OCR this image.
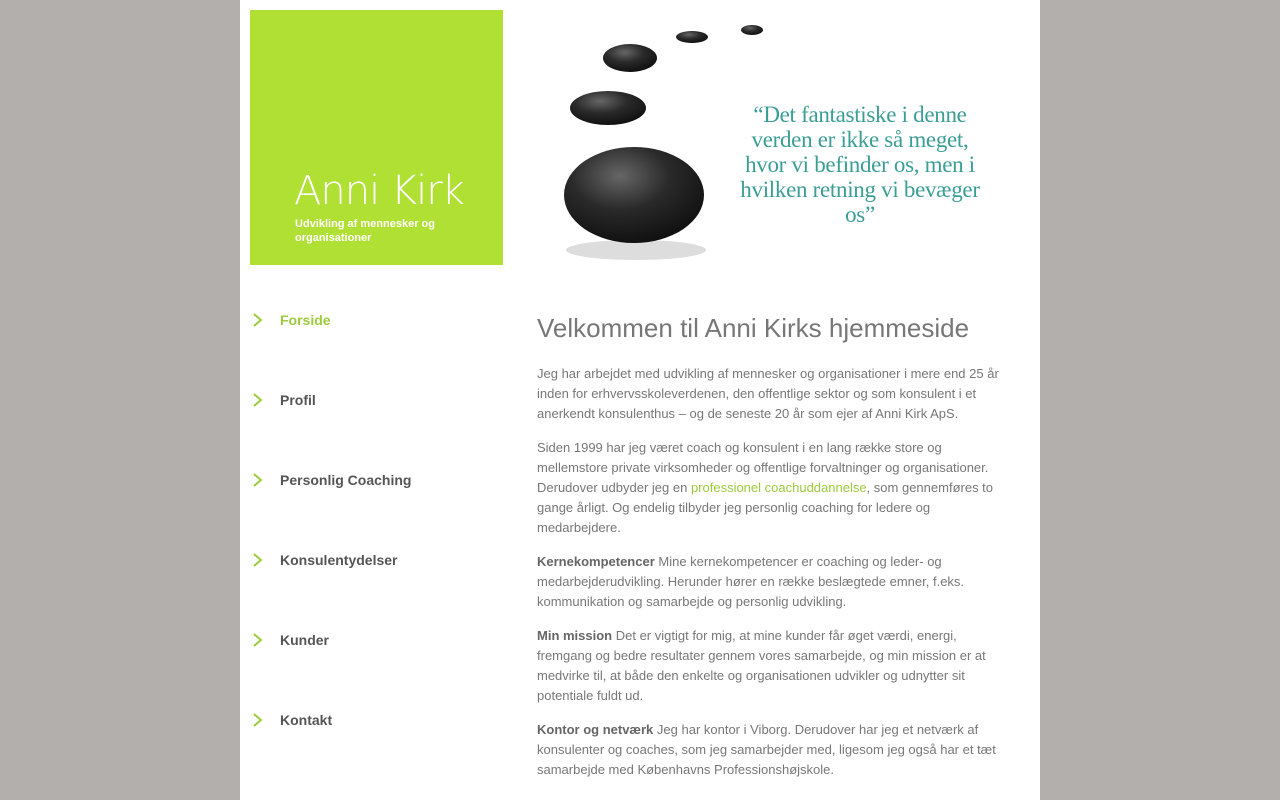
Anni Kirk
Udvikling af mennesker og organisationer
“Det fantastiske i denne verden er ikke så meget, hvor vi befinder os, men i hvilken retning vi bevæger os”
Forside
Profil
Personlig Coaching
Konsulentydelser
Kunder
Kontakt
Velkommen til Anni Kirks hjemmeside

Jeg har arbejdet med udvikling af mennesker og organisationer i mere end 25 år inden for erhvervsskoleverdenen, den offentlige sektor og som konsulent i et anerkendt konsulenthus – og de seneste 20 år som ejer af Anni Kirk ApS.

Siden 1999 har jeg været coach og konsulent i en lang række store og mellemstore private virksomheder og offentlige forvaltninger og organisationer. Derudover udbyder jeg en professionel coachuddannelse, som gennemføres to gange årligt. Og endelig tilbyder jeg personlig coaching for ledere og medarbejdere.

Kernekompetencer Mine kernekompetencer er coaching og leder- og medarbejderudvikling. Herunder hører en række beslægtede emner, f.eks. kommunikation og samarbejde og personlig udvikling.

Min mission Det er vigtigt for mig, at mine kunder får øget værdi, energi, fremgang og bedre resultater gennem vores samarbejde, og min mission er at medvirke til, at både den enkelte og organisationen udvikler og udnytter sit potentiale fuldt ud.

Kontor og netværk Jeg har kontor i Viborg. Derudover har jeg et netværk af konsulenter og coaches, som jeg samarbejder med, ligesom jeg også har et tæt samarbejde med Københavns Professionshøjskole.
